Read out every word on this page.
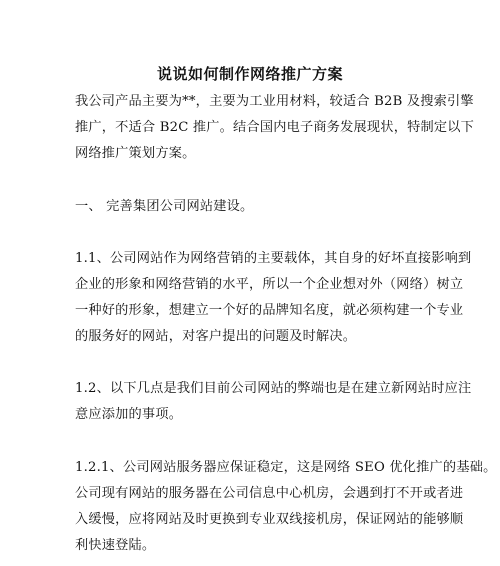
说说如何制作网络推广方案
我公司产品主要为**，主要为工业用材料，较适合 B2B 及搜索引擎
推广，不适合 B2C 推广。结合国内电子商务发展现状，特制定以下
网络推广策划方案。
一、 完善集团公司网站建设。
1.1、公司网站作为网络营销的主要载体，其自身的好坏直接影响到
企业的形象和网络营销的水平，所以一个企业想对外（网络）树立
一种好的形象，想建立一个好的品牌知名度，就必须构建一个专业
的服务好的网站，对客户提出的问题及时解决。
1.2、以下几点是我们目前公司网站的弊端也是在建立新网站时应注
意应添加的事项。
1.2.1、公司网站服务器应保证稳定，这是网络 SEO 优化推广的基础。
公司现有网站的服务器在公司信息中心机房，会遇到打不开或者进
入缓慢，应将网站及时更换到专业双线接机房，保证网站的能够顺
利快速登陆。
